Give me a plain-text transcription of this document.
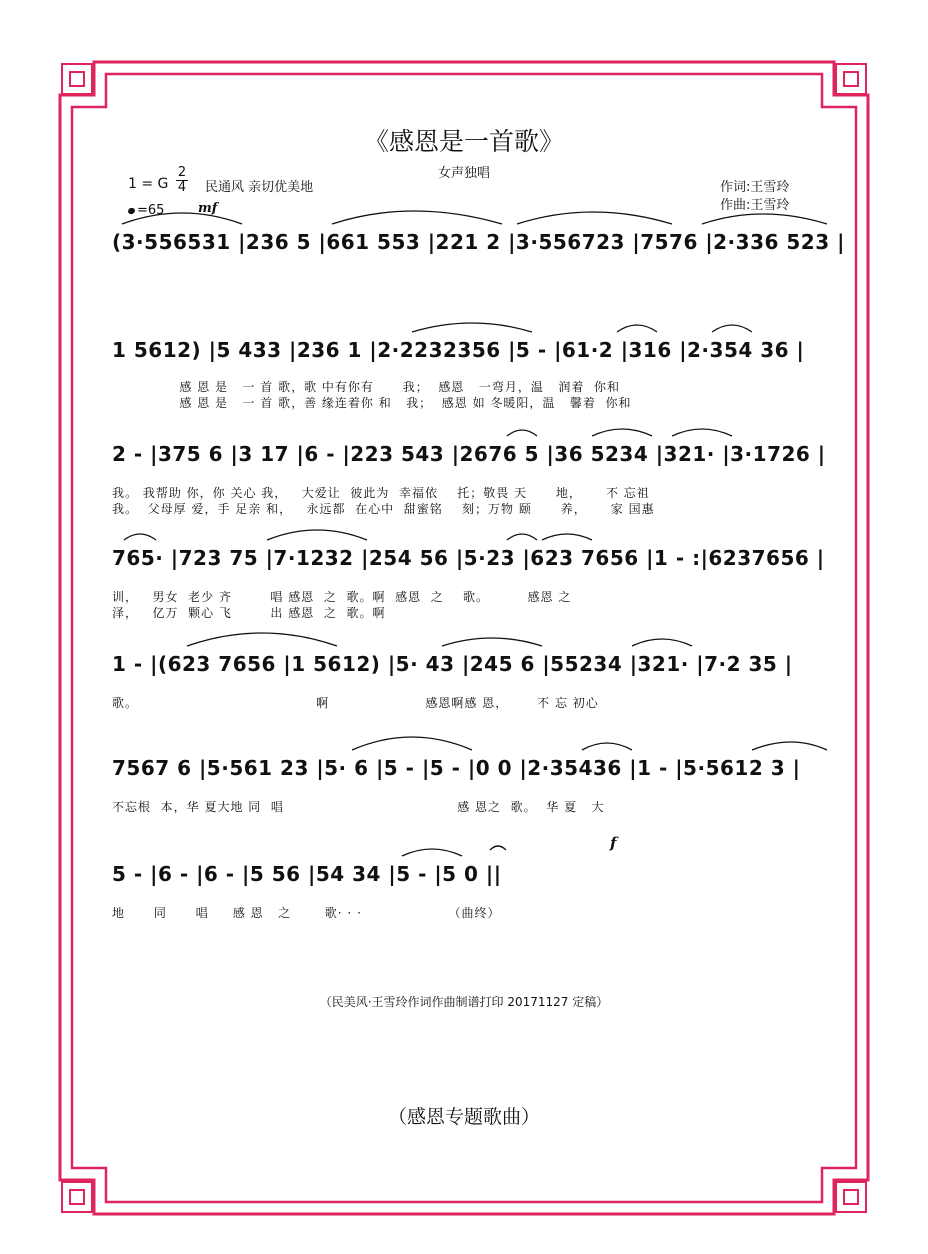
《感恩是一首歌》
女声独唱
1 = G $\frac{2}{4}$ 民通风 亲切优美地
=65	mf
作词:王雪玲
作曲:王雪玲
(3·556531 |236 5 |661 553 |221 2 |3·556723 |7576 |2·336 523 |
1 5612) |5 433 |236 1 |2·2232356 |5 - |61·2 |316 |2·354 36 |
感 恩 是   一 首 歌，歌 中有你有      我；  感恩   一弯月，温   润着  你和
感 恩 是   一 首 歌，善 缘连着你 和   我；  感恩 如 冬暖阳，温   馨着  你和
2 - |375 6 |3 17 |6 - |223 543 |2676 5 |36 5234 |321· |3·1726 |
我。 我帮助 你，你 关心 我，   大爱让  彼此为  幸福依    托；敬畏 天      地，     不 忘祖
我。  父母厚 爱，手 足亲 和，   永远都  在心中  甜蜜铭    刻；万物 颐      养，     家 国惠
765· |723 75 |7·1232 |254 56 |5·23 |623 7656 |1 - :|6237656 |
训，   男女  老少 齐        唱 感恩  之  歌。啊  感恩  之    歌。        感恩 之
泽，   亿万  颗心 飞        出 感恩  之  歌。啊
1 - |(623 7656 |1 5612) |5· 43 |245 6 |55234 |321· |7·2 35 |
歌。                                     啊                    感恩啊感 恩，      不 忘 初心
7567 6 |5·561 23 |5· 6 |5 - |5 - |0 0 |2·35436 |1 - |5·5612 3 |
不忘根  本，华 夏大地 同  唱                                    感 恩之  歌。  华 夏   大
5 - |6 - |6 - |5 56 |54 34 |5 - |5 0 ||
f
地      同      唱     感 恩   之       歌· · ·                  （曲终）
（民美风·王雪玲作词作曲制谱打印 20171127 定稿）
（感恩专题歌曲）
